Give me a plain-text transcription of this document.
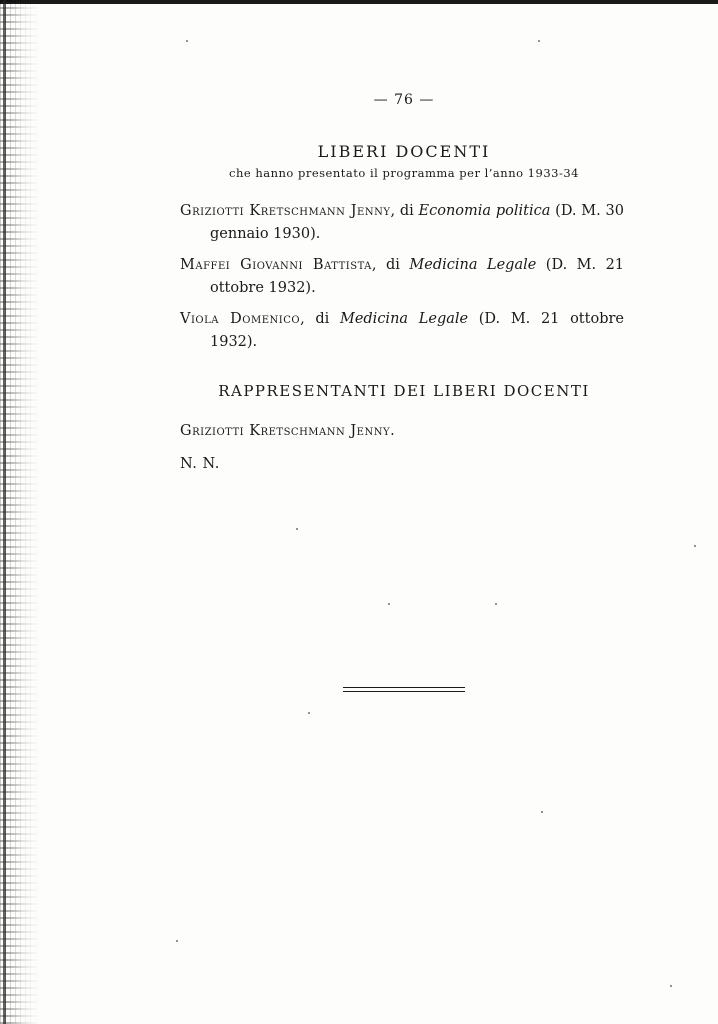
— 76 —
LIBERI DOCENTI
che hanno presentato il programma per l’anno 1933-34
Griziotti Kretschmann Jenny, di Economia politica (D. M. 30 gennaio 1930).
Maffei Giovanni Battista, di Medicina Legale (D. M. 21 ottobre 1932).
Viola Domenico, di Medicina Legale (D. M. 21 ottobre 1932).
RAPPRESENTANTI DEI LIBERI DOCENTI
Griziotti Kretschmann Jenny.
N. N.
